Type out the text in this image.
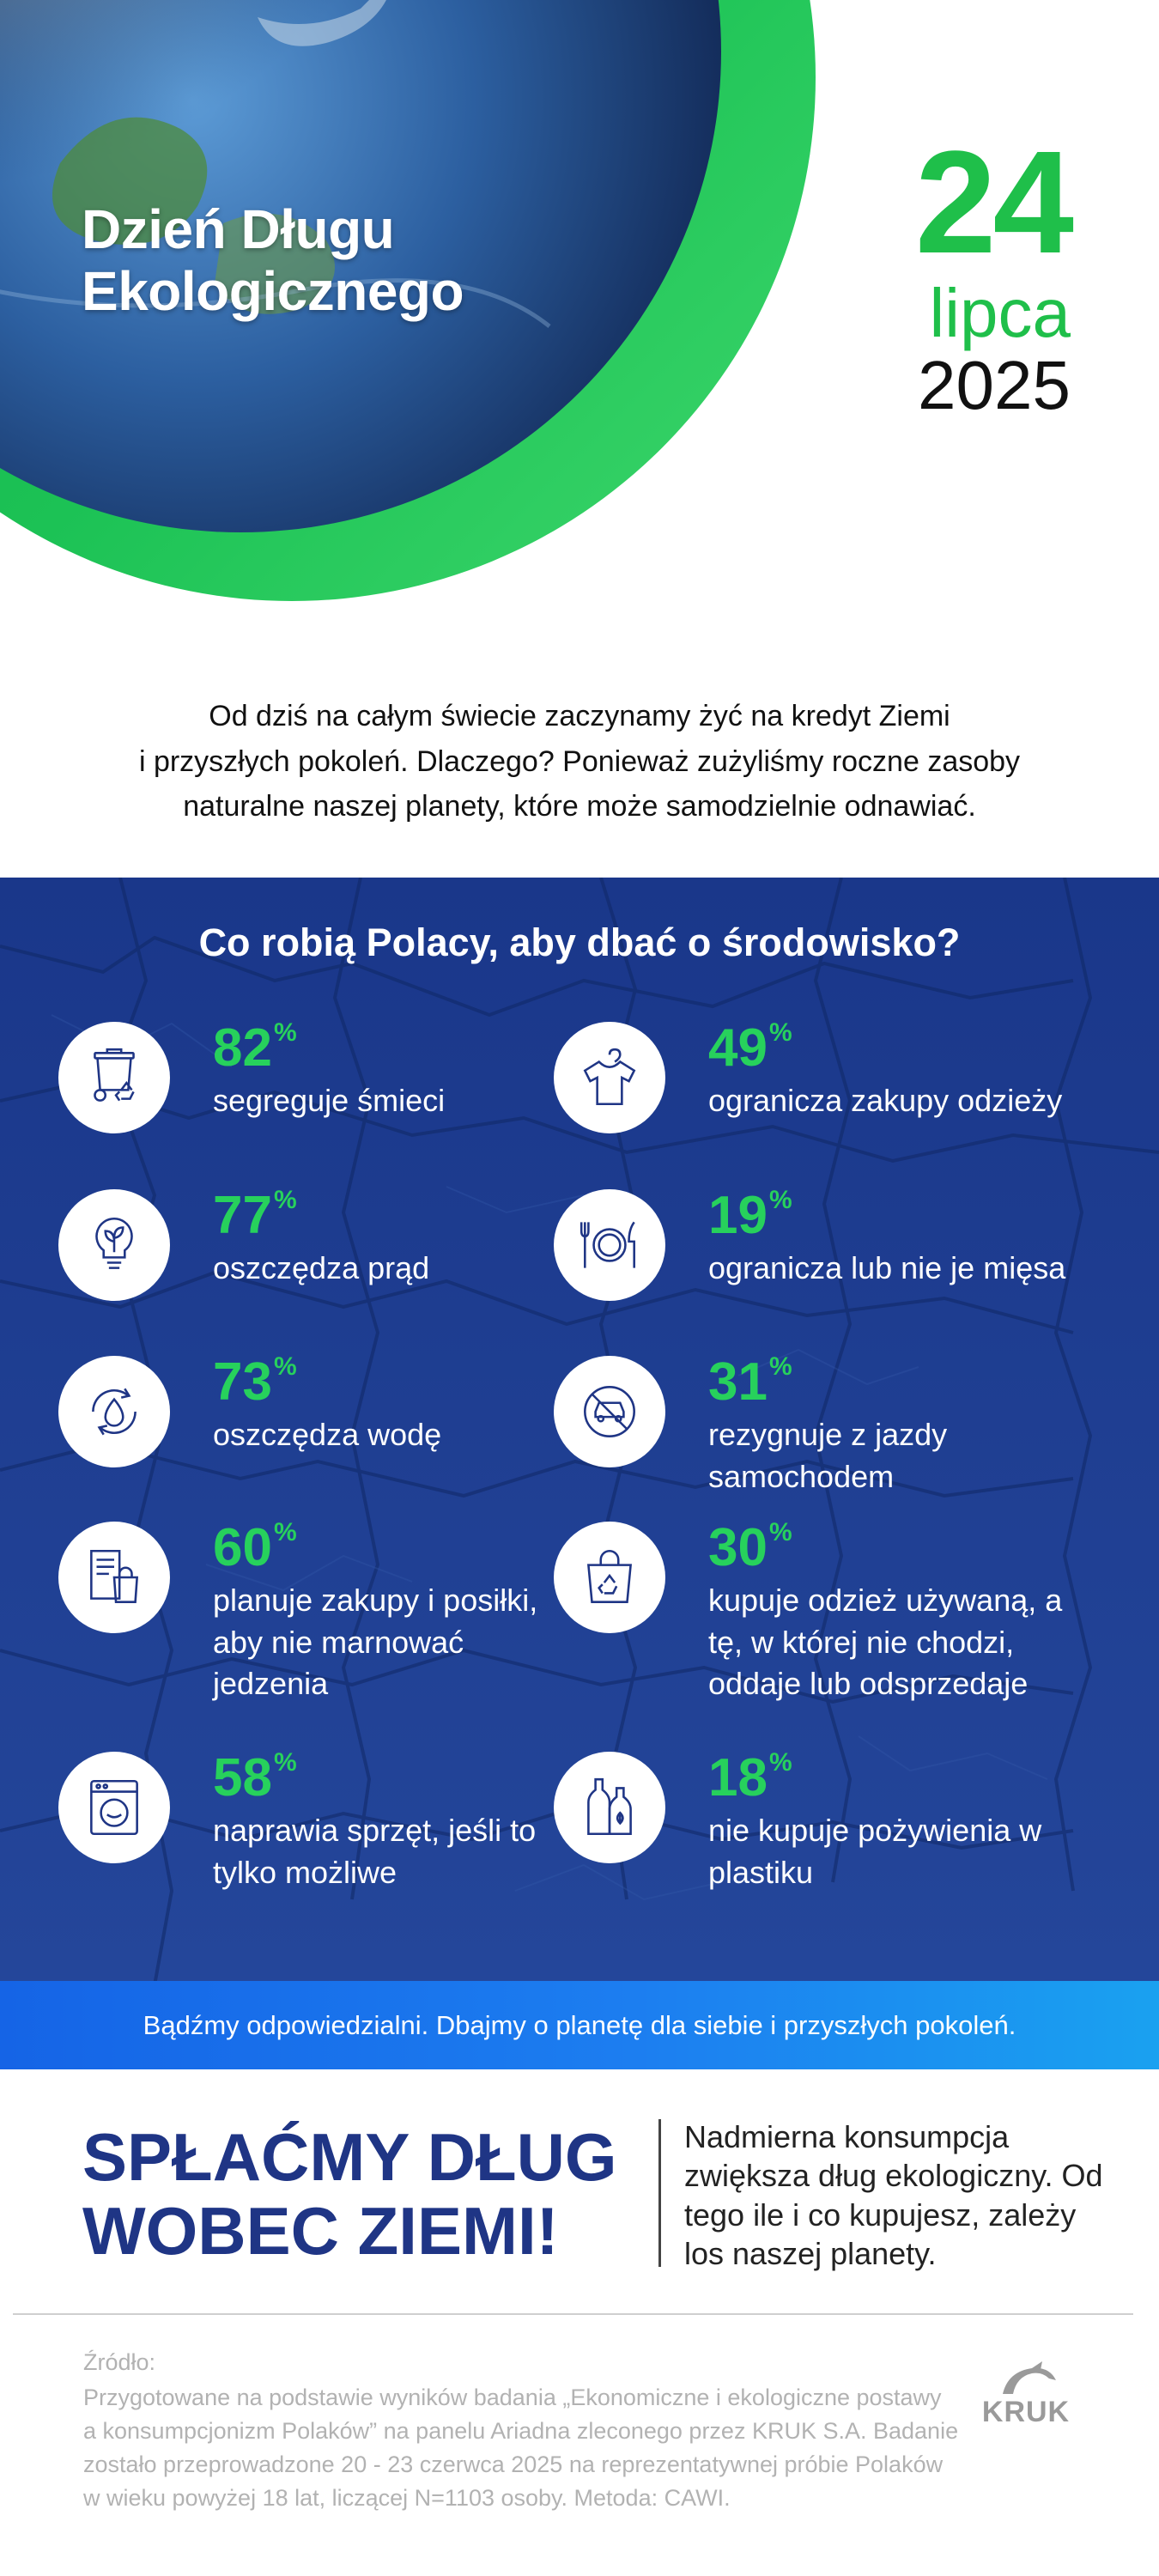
Dzień Długu
Ekologicznego
24
lipca
2025

Od dziś na całym świecie zaczynamy żyć na kredyt Ziemi
i przyszłych pokoleń. Dlaczego? Ponieważ zużyliśmy roczne zasoby
naturalne naszej planety, które może samodzielnie odnawiać.

Co robią Polacy, aby dbać o środowisko?
82%
segreguje śmieci
49%
ogranicza zakupy odzieży
77%
oszczędza prąd
19%
ogranicza lub nie je mięsa
73%
oszczędza wodę
31%
rezygnuje z jazdy samochodem
60%
planuje zakupy i posiłki, aby nie marnować jedzenia
30%
kupuje odzież używaną, a tę, w której nie chodzi, oddaje lub odsprzedaje
58%
naprawia sprzęt, jeśli to tylko możliwe
18%
nie kupuje pożywienia w plastiku
Bądźmy odpowiedzialni. Dbajmy o planetę dla siebie i przyszłych pokoleń.
SPŁAĆMY DŁUG
WOBEC ZIEMI!

Nadmierna konsumpcja zwiększa dług ekologiczny. Od tego ile i co kupujesz, zależy los naszej planety.

Źródło:

Przygotowane na podstawie wyników badania „Ekonomiczne i ekologiczne postawy a konsumpcjonizm Polaków” na panelu Ariadna zleconego przez KRUK S.A. Badanie zostało przeprowadzone 20 - 23 czerwca 2025 na reprezentatywnej próbie Polaków w wieku powyżej 18 lat, liczącej N=1103 osoby. Metoda: CAWI.

KRUK
